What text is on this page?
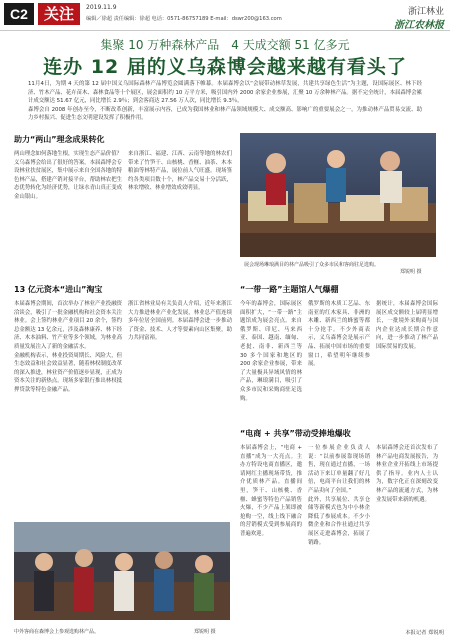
C2	关注	2019.11.9
编辑／徐超 责任编辑：徐超 电话：0571-86757189 E-mail：dswr200@163.com
浙江林业
浙江农林报
集聚 10 万种森林产品　4 天成交额 51 亿多元
连办 12 届的义乌森博会越来越有看头了
11月4日，为期 4 天的第 12 届中国义乌国际森林产品博览会圆满落下帷幕。本届森博会以“会展带动林草发展，共建共享绿色生活”为主题，设国际展区、林下经济、竹木产品、花卉苗木、森林食品等十个展区，展会面积约 10 万平方米，吸引国内外 2000 余家企业参展，汇聚 10 万余种林产品。据不完全统计，本届森博会累计成交额达 51.67 亿元，同比增长 2.9％；到会客商达 27.56 万人次，同比增长 9.3％。
森博会自 2008 年创办至今，不断改革创新，丰富展示内容，已成为我国林业和林产品领域规模大、成交额高、影响广的重要展会之一，为推动林产品贸易交流、助力乡村振兴、促进生态文明建设发挥了积极作用。
助力“两山”理念成果转化
两山理念如何落地生根，实现生态产品价值？义乌森博会给出了很好的答案。本届森博会专设林业扶贫展区，集中展示来自全国各地的特色林产品，搭建产销对接平台，帮助林农把生态优势转化为经济优势，让绿水青山真正变成金山银山。
来自浙江、福建、江西、云南等地的林农们带来了竹笋干、山核桃、香榧、油茶、木本粮油等林特产品，展位前人气旺盛。现场签约各类项目数十个，林产品交易十分活跃，林农增收、林业增效成效明显。
展会现场琳琅满目的林产品吸引了众多市民和客商驻足选购。
郑锐明 摄
13 亿元资本“进山”淘宝
本届森博会期间，首次举办了林业产业投融资洽谈会，吸引了一批金融机构和社会资本关注林业。会上签约林业产业项目 20 余个，签约总金额达 13 亿余元，涉及森林康养、林下经济、木本油料、竹产业等多个领域，为林业高质量发展注入了新的金融活水。
金融机构表示，林业投资周期长、风险大，但生态效益和社会效益显著，随着林权制度改革的深入推进，林业资产价值逐步显现，正成为资本关注的新热点。现场多家银行推出林权抵押贷款等特色金融产品。
浙江省林业局有关负责人介绍，近年来浙江大力推进林业产业化发展，林业总产值连续多年位居全国前列。本届森博会进一步推动了资金、技术、人才等要素向山区集聚，助力共同富裕。
“一带一路”主题馆人气爆棚
今年的森博会，国际展区面积扩大，“一带一路”主题馆成为展会亮点。来自俄罗斯、印尼、马来西亚、泰国、越南、缅甸、老挝、南非、新西兰等 30 多个国家和地区的 200 余家企业参展，带来了大量极具异域风情的林产品，琳琅满目，吸引了众多市民和采购商驻足选购。
俄罗斯的木质工艺品、东南亚的红木家具、非洲的木雕、新西兰的蜂蜜等都十分抢手。不少外商表示，义乌森博会是展示产品、拓展中国市场的重要窗口，希望明年继续参展。
据统计，本届森博会国际展区成交额较上届明显增长，一批境外采购商与国内企业达成长期合作意向，进一步推动了林产品国际贸易的发展。
“电商 + 共享”带动受捧地爆收
本届森博会上，“电商 + 直播”成为一大亮点。主办方特设电商直播区，邀请网红主播现场带货，推介优质林产品。直播间里，笋干、山核桃、香榧、蜂蜜等特色产品销售火爆，不少产品上架即被抢购一空，线上线下融合的营销模式受到参展商的普遍欢迎。
一位参展企业负责人说：“以前参展靠现场销售，现在通过直播，一场活动下来订单量翻了好几倍，电商平台让我们的林产品卖向了全国。”
此外，共享展位、共享仓储等新模式也为中小林企降低了参展成本。不少小微企业和合作社通过共享展区走进森博会，拓展了销路。
本届森博会还首次发布了林产品电商发展报告，为林业企业开拓线上市场提供了指导。业内人士认为，数字化正在深刻改变林产品的流通方式，为林业发展带来新的机遇。
中外客商在森博会上参观选购林产品。	郑锐明 摄	本报记者 郑锐明
